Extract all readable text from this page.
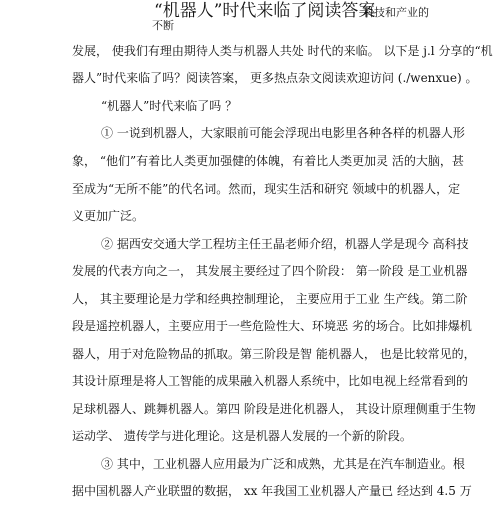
“机器人”时代来临了阅读答案
科技和产业的
不断
发展， 使我们有理由期待人类与机器人共处 时代的来临。 以下是 j.l 分享的“机
器人”时代来临了吗？阅读答案， 更多热点杂文阅读欢迎访问 (./wenxue) 。
“机器人”时代来临了吗 ？
① 一说到机器人，大家眼前可能会浮现出电影里各种各样的机器人形
象， “他们”有着比人类更加强健的体魄，有着比人类更加灵 活的大脑，甚
至成为“无所不能”的代名词。然而，现实生活和研究 领域中的机器人，定
义更加广泛。
② 据西安交通大学工程坊主任王晶老师介绍，机器人学是现今 高科技
发展的代表方向之一， 其发展主要经过了四个阶段： 第一阶段 是工业机器
人， 其主要理论是力学和经典控制理论， 主要应用于工业 生产线。第二阶
段是遥控机器人，主要应用于一些危险性大、环境恶 劣的场合。比如排爆机
器人，用于对危险物品的抓取。第三阶段是智 能机器人， 也是比较常见的，
其设计原理是将人工智能的成果融入机器人系统中，比如电视上经常看到的
足球机器人、跳舞机器人。第四 阶段是进化机器人， 其设计原理侧重于生物
运动学、 遗传学与进化理论。这是机器人发展的一个新的阶段。
③ 其中，工业机器人应用最为广泛和成熟，尤其是在汽车制造业。根
据中国机器人产业联盟的数据， xx 年我国工业机器人产量已 经达到 4.5 万
